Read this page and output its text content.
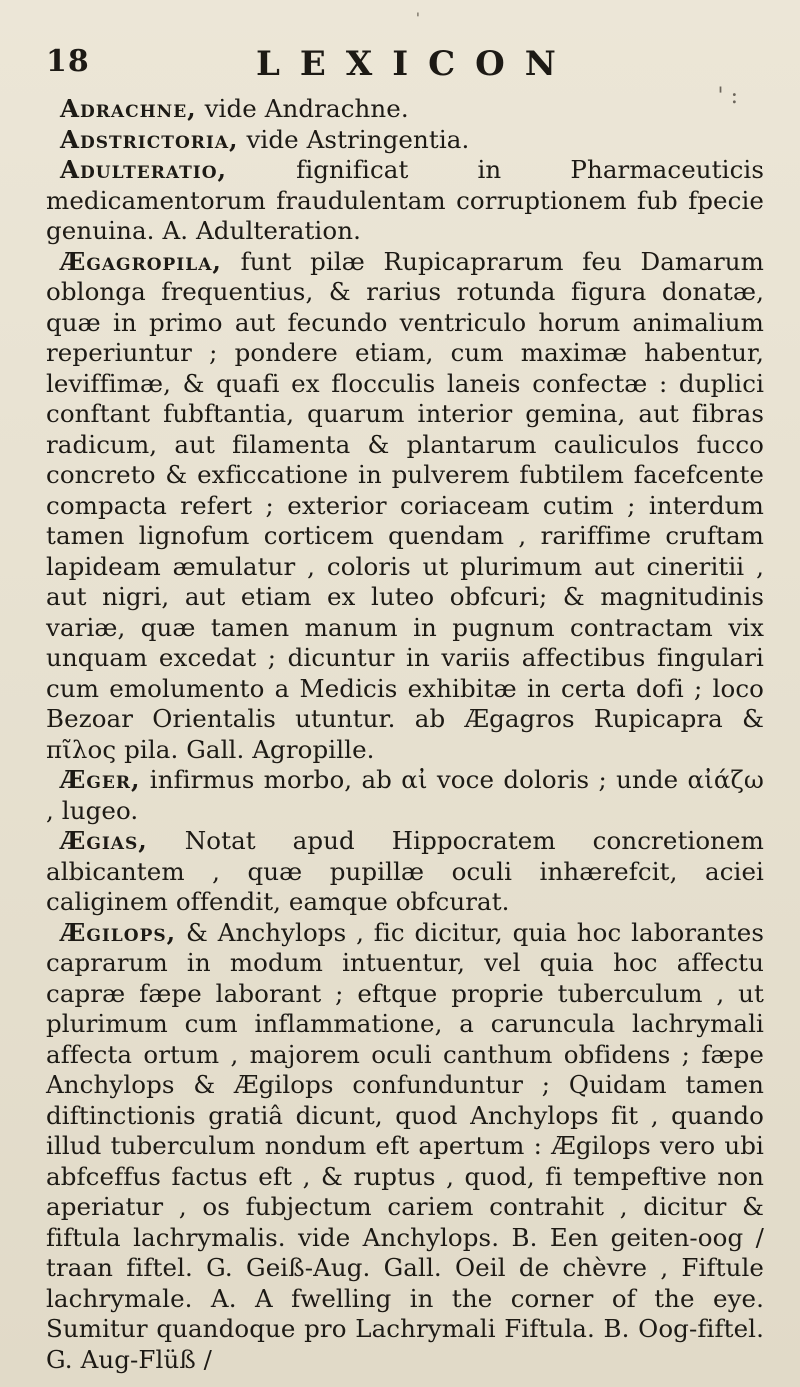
'
18	LEXICON
' :

Adrachne, vide Andrachne.

Adstrictoria, vide Astringentia.

Adulteratio, fignificat in Pharmaceuticis medicamentorum fraudulentam corruptionem fub fpecie genuina. A. Adulteration.

Ægagropila, funt pilæ Rupicaprarum feu Damarum oblonga frequentius, & rarius rotunda figura donatæ, quæ in primo aut fecundo ventriculo horum animalium reperiuntur ; pondere etiam, cum maximæ habentur, leviffimæ, & quafi ex flocculis laneis confectæ : duplici conftant fubftantia, quarum interior gemina, aut fibras radicum, aut filamenta & plantarum cauliculos fucco concreto & exficcatione in pulverem fubtilem facefcente compacta refert ; exterior coriaceam cutim ; interdum tamen lignofum corticem quendam , rariffime cruftam lapideam æmulatur , coloris ut plurimum aut cineritii , aut nigri, aut etiam ex luteo obfcuri; & magnitudinis variæ, quæ tamen manum in pugnum contractam vix unquam excedat ; dicuntur in variis affectibus fingulari cum emolumento a Medicis exhibitæ in certa dofi ; loco Bezoar Orientalis utuntur. ab Ægagros Rupicapra & πῖλος pila. Gall. Agropille.

Æger, infirmus morbo, ab αἰ voce doloris ; unde αἰάζω , lugeo.

Ægias, Notat apud Hippocratem concretionem albicantem , quæ pupillæ oculi inhærefcit, aciei caliginem offendit, eamque obfcurat.

Ægilops, & Anchylops , fic dicitur, quia hoc laborantes caprarum in modum intuentur, vel quia hoc affectu capræ fæpe laborant ; eftque proprie tuberculum , ut plurimum cum inflammatione, a caruncula lachrymali affecta ortum , majorem oculi canthum obfidens ; fæpe Anchylops & Ægilops confunduntur ; Quidam tamen diftinctionis gratiâ dicunt, quod Anchylops fit , quando illud tuberculum nondum eft apertum : Ægilops vero ubi abfceffus factus eft , & ruptus , quod, fi tempeftive non aperiatur , os fubjectum cariem contrahit , dicitur & fiftula lachrymalis. vide Anchylops. B. Een geiten-oog / traan fiftel. G. Geiß-Aug. Gall. Oeil de chèvre , Fiftule lachrymale. A. A fwelling in the corner of the eye. Sumitur quandoque pro Lachrymali Fiftula. B. Oog-fiftel. G. Aug-Flüß /
